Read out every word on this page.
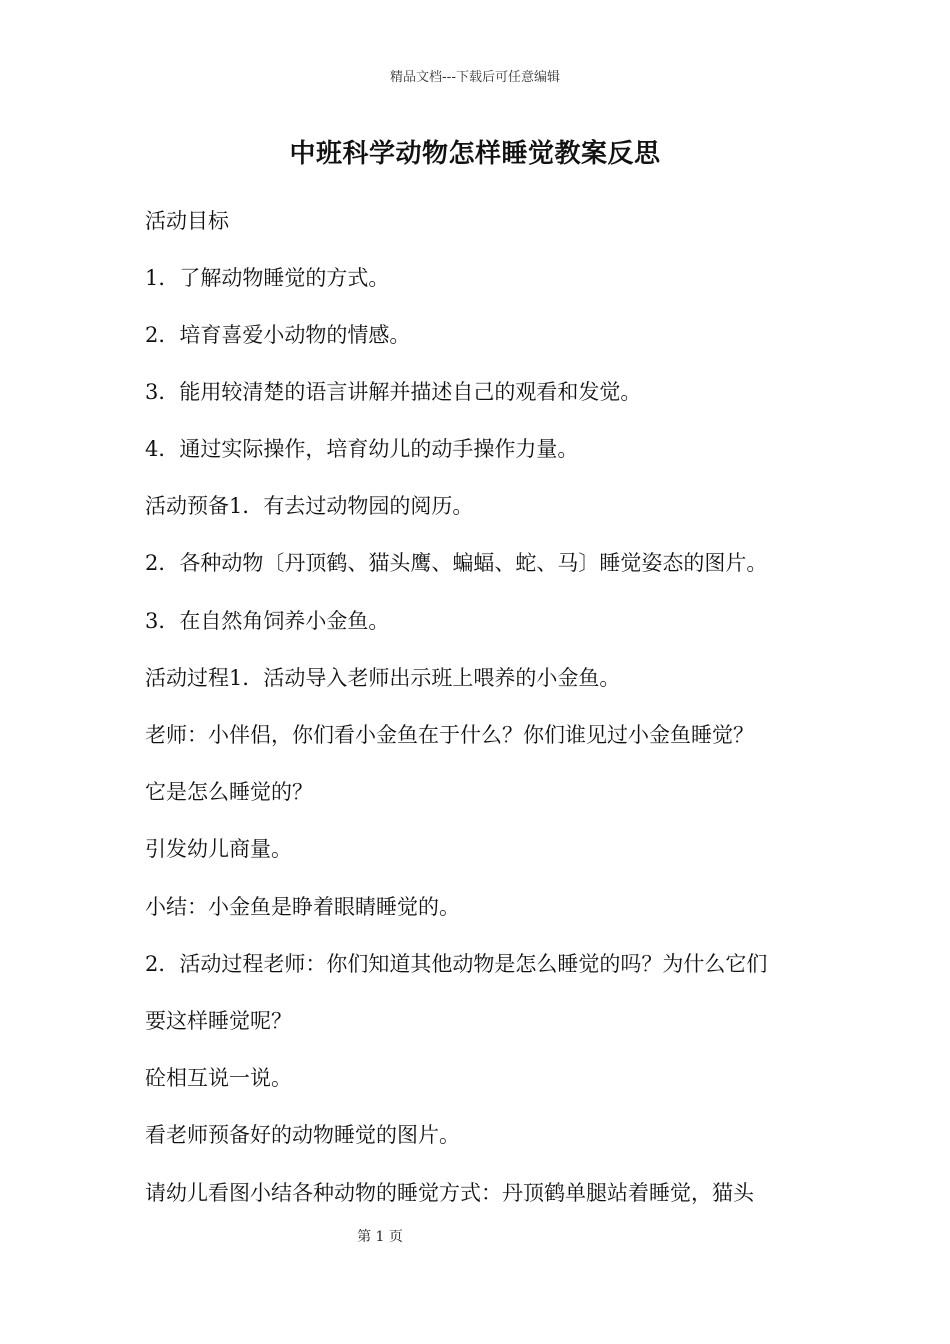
精品文档---下载后可任意编辑
中班科学动物怎样睡觉教案反思
活动目标
1．了解动物睡觉的方式。
2．培育喜爱小动物的情感。
3．能用较清楚的语言讲解并描述自己的观看和发觉。
4．通过实际操作，培育幼儿的动手操作力量。
活动预备1．有去过动物园的阅历。
2．各种动物〔丹顶鹤、猫头鹰、蝙蝠、蛇、马〕睡觉姿态的图片。
3．在自然角饲养小金鱼。
活动过程1．活动导入老师出示班上喂养的小金鱼。
老师：小伴侣，你们看小金鱼在于什么？你们谁见过小金鱼睡觉？
它是怎么睡觉的？
引发幼儿商量。
小结：小金鱼是睁着眼睛睡觉的。
2．活动过程老师：你们知道其他动物是怎么睡觉的吗？为什么它们
要这样睡觉呢？
砼相互说一说。
看老师预备好的动物睡觉的图片。
请幼儿看图小结各种动物的睡觉方式：丹顶鹤单腿站着睡觉，猫头
第 1 页
